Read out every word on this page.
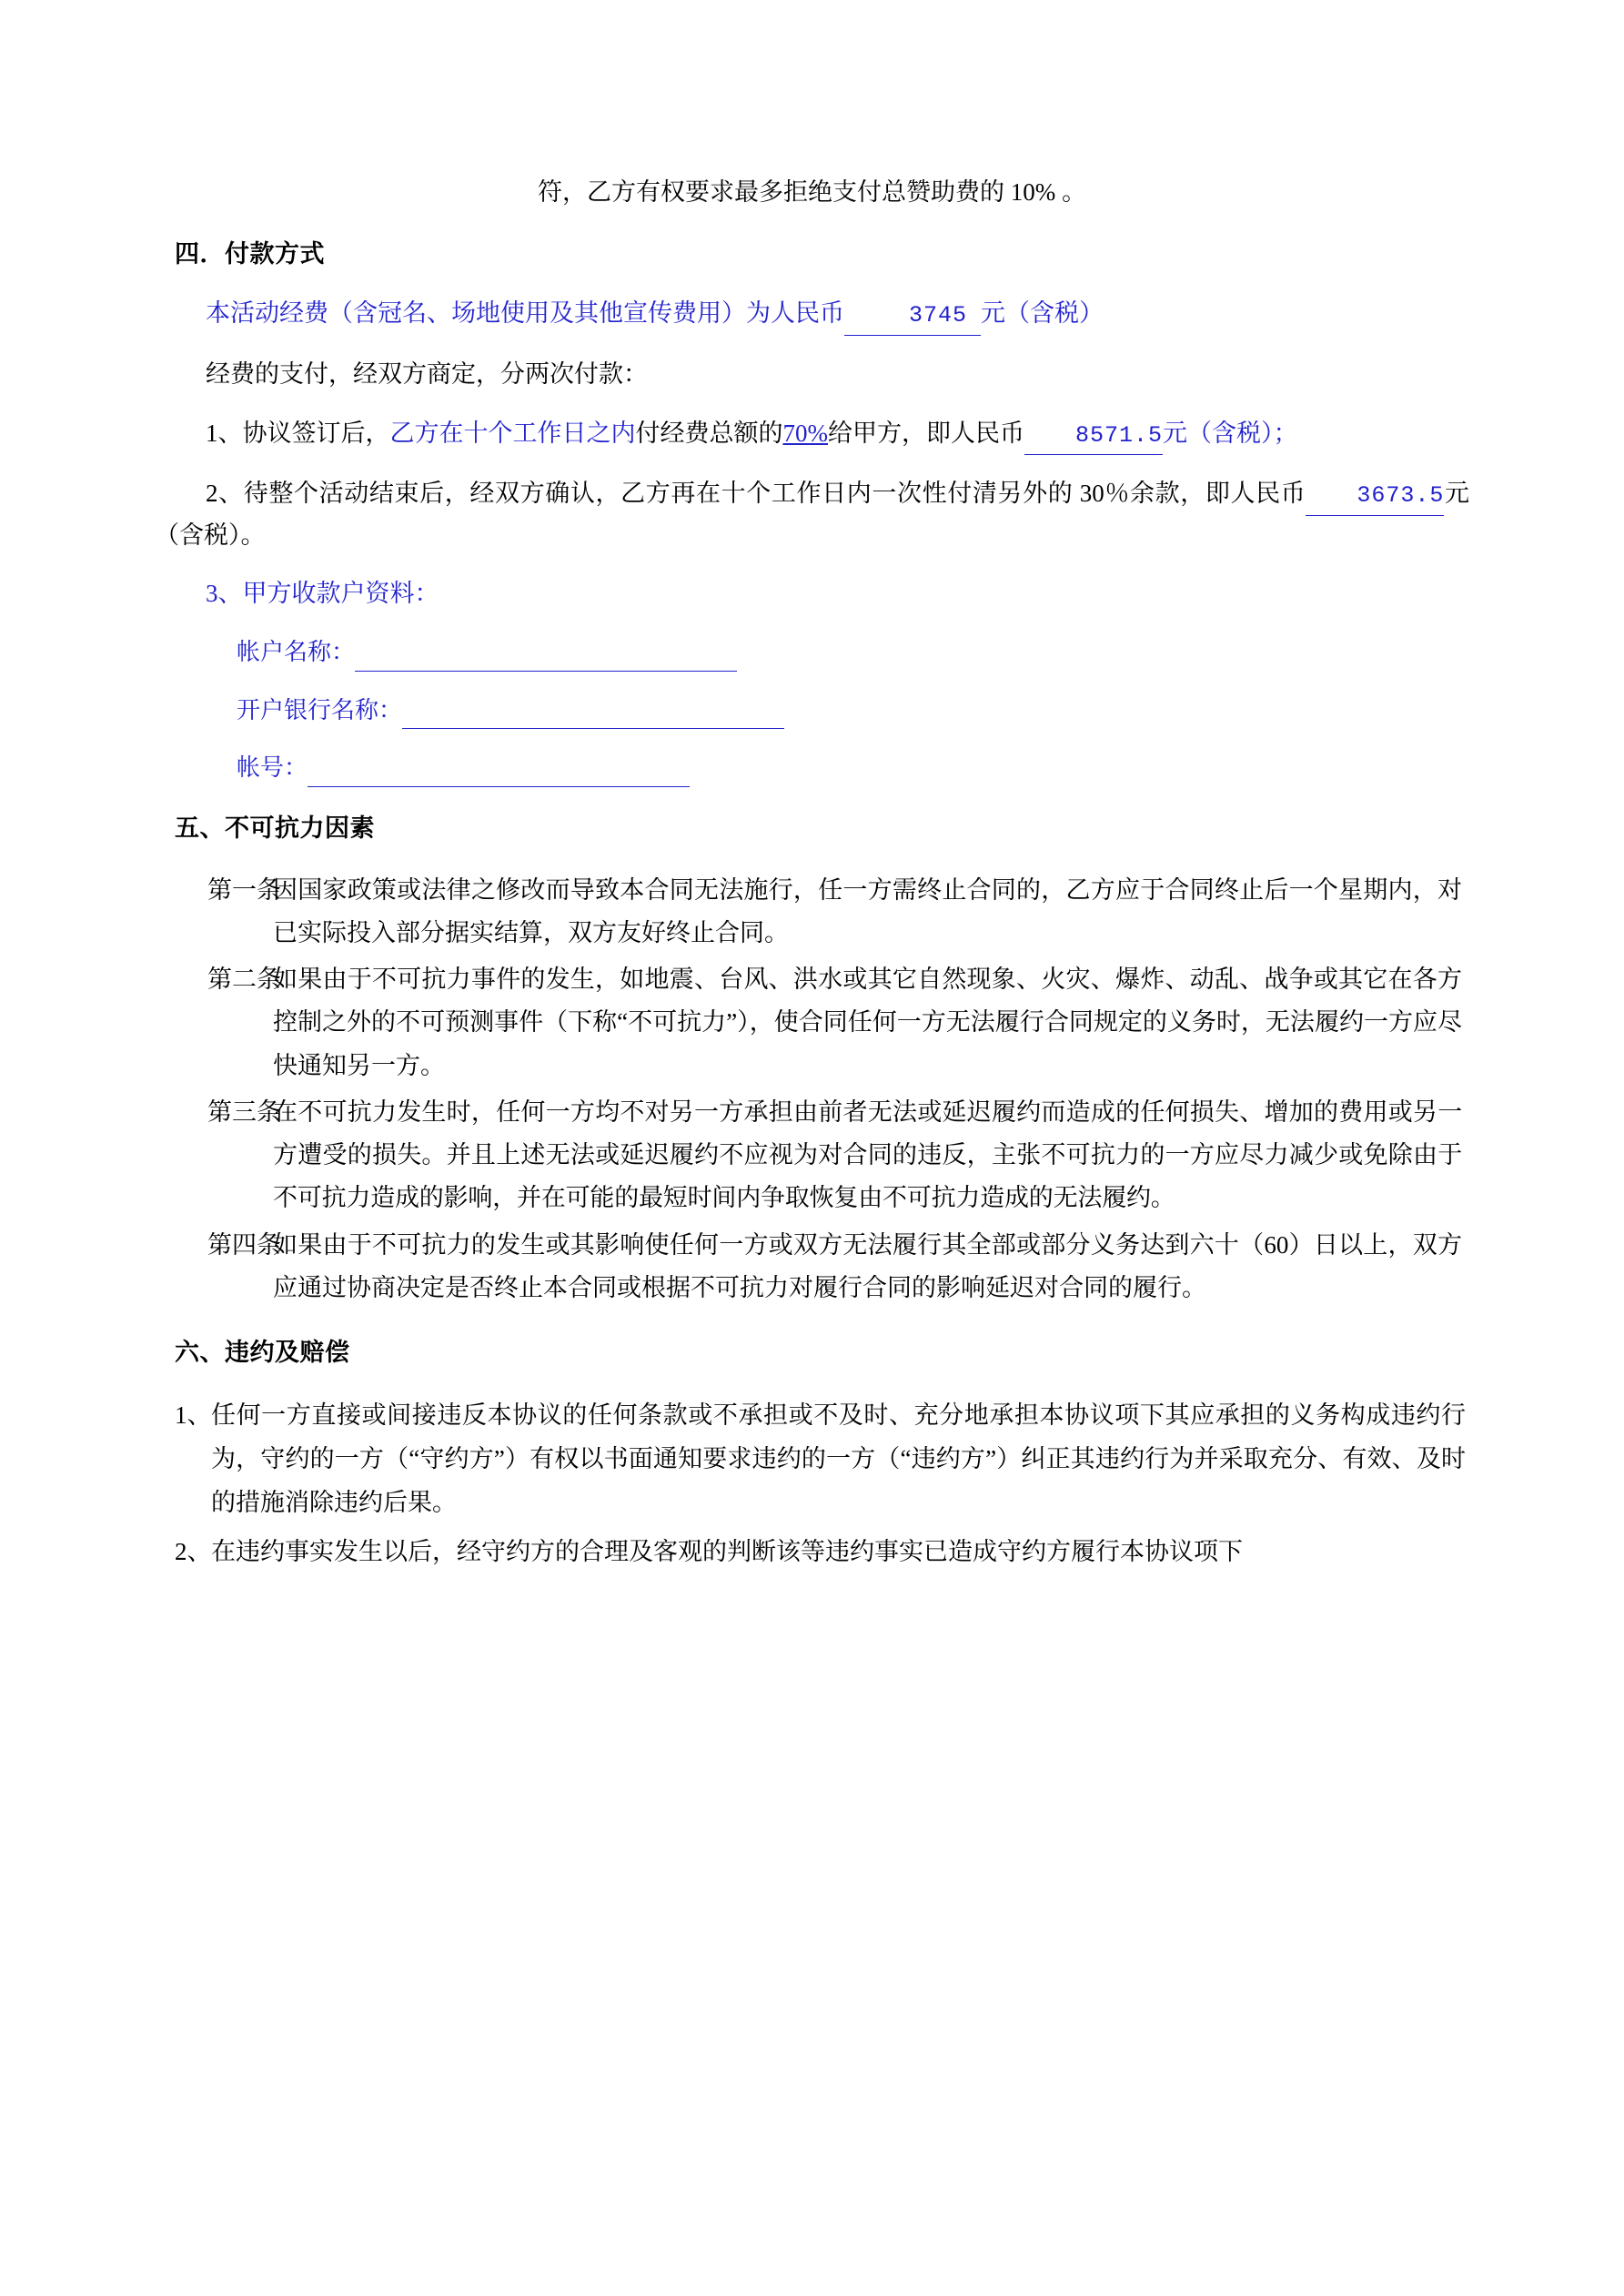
符，乙方有权要求最多拒绝支付总赞助费的 10% 。
四．付款方式
本活动经费（含冠名、场地使用及其他宣传费用）为人民币	3745 元（含税）
经费的支付，经双方商定，分两次付款：
1、协议签订后，乙方在十个工作日之内付经费总额的70%给甲方，即人民币 8571.5元（含税）；
2、待整个活动结束后，经双方确认，乙方再在十个工作日内一次性付清另外的 30％余款，即人民币 3673.5元（含税）。
3、甲方收款户资料：
帐户名称：
开户银行名称：
帐号：
五、不可抗力因素
第一条
因国家政策或法律之修改而导致本合同无法施行，任一方需终止合同的，乙方应于合同终止后一个星期内，对已实际投入部分据实结算，双方友好终止合同。
第二条
如果由于不可抗力事件的发生，如地震、台风、洪水或其它自然现象、火灾、爆炸、动乱、战争或其它在各方控制之外的不可预测事件（下称“不可抗力”），使合同任何一方无法履行合同规定的义务时，无法履约一方应尽快通知另一方。
第三条
在不可抗力发生时，任何一方均不对另一方承担由前者无法或延迟履约而造成的任何损失、增加的费用或另一方遭受的损失。并且上述无法或延迟履约不应视为对合同的违反，主张不可抗力的一方应尽力减少或免除由于不可抗力造成的影响，并在可能的最短时间内争取恢复由不可抗力造成的无法履约。
第四条
如果由于不可抗力的发生或其影响使任何一方或双方无法履行其全部或部分义务达到六十（60）日以上，双方应通过协商决定是否终止本合同或根据不可抗力对履行合同的影响延迟对合同的履行。
六、违约及赔偿
1、 任何一方直接或间接违反本协议的任何条款或不承担或不及时、充分地承担本协议项下其应承担的义务构成违约行为，守约的一方（“守约方”）有权以书面通知要求违约的一方（“违约方”）纠正其违约行为并采取充分、有效、及时的措施消除违约后果。
2、 在违约事实发生以后，经守约方的合理及客观的判断该等违约事实已造成守约方履行本协议项下
